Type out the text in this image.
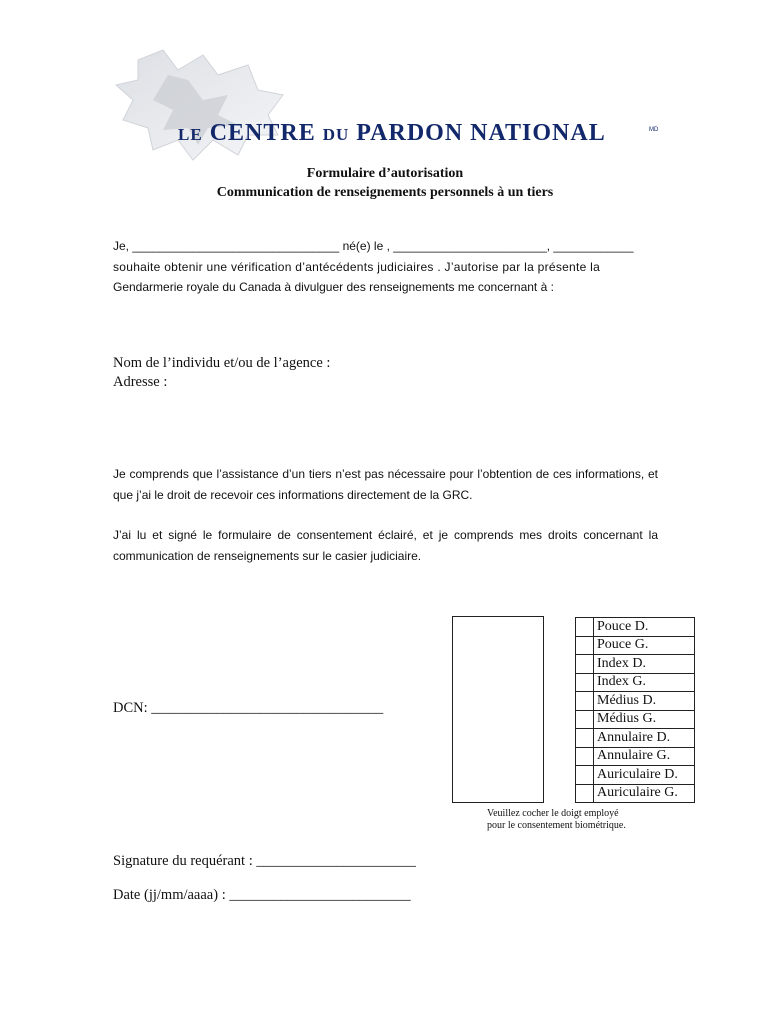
LE CENTRE DU PARDON NATIONAL	MD
Formulaire d’autorisation
Communication de renseignements personnels à un tiers
Je, _______________________________ né(e) le , _______________________, ____________
souhaite obtenir une vérification d’antécédents judiciaires . J’autorise par la présente la
Gendarmerie royale du Canada à divulguer des renseignements me concernant à :
Nom de l’individu et/ou de l’agence :
Adresse :
Je comprends que l’assistance d’un tiers n’est pas nécessaire pour l’obtention de ces informations, et que j’ai le droit de recevoir ces informations directement de la GRC.
J’ai lu et signé le formulaire de consentement éclairé, et je comprends mes droits concernant la communication de renseignements sur le casier judiciaire.
DCN: ________________________________
	Pouce D.
	Pouce G.
	Index D.
	Index G.
	Médius D.
	Médius G.
	Annulaire D.
	Annulaire G.
	Auriculaire D.
	Auriculaire G.
Veuillez cocher le doigt employé
pour le consentement biométrique.
Signature du requérant : ______________________
Date (jj/mm/aaaa) : _________________________
